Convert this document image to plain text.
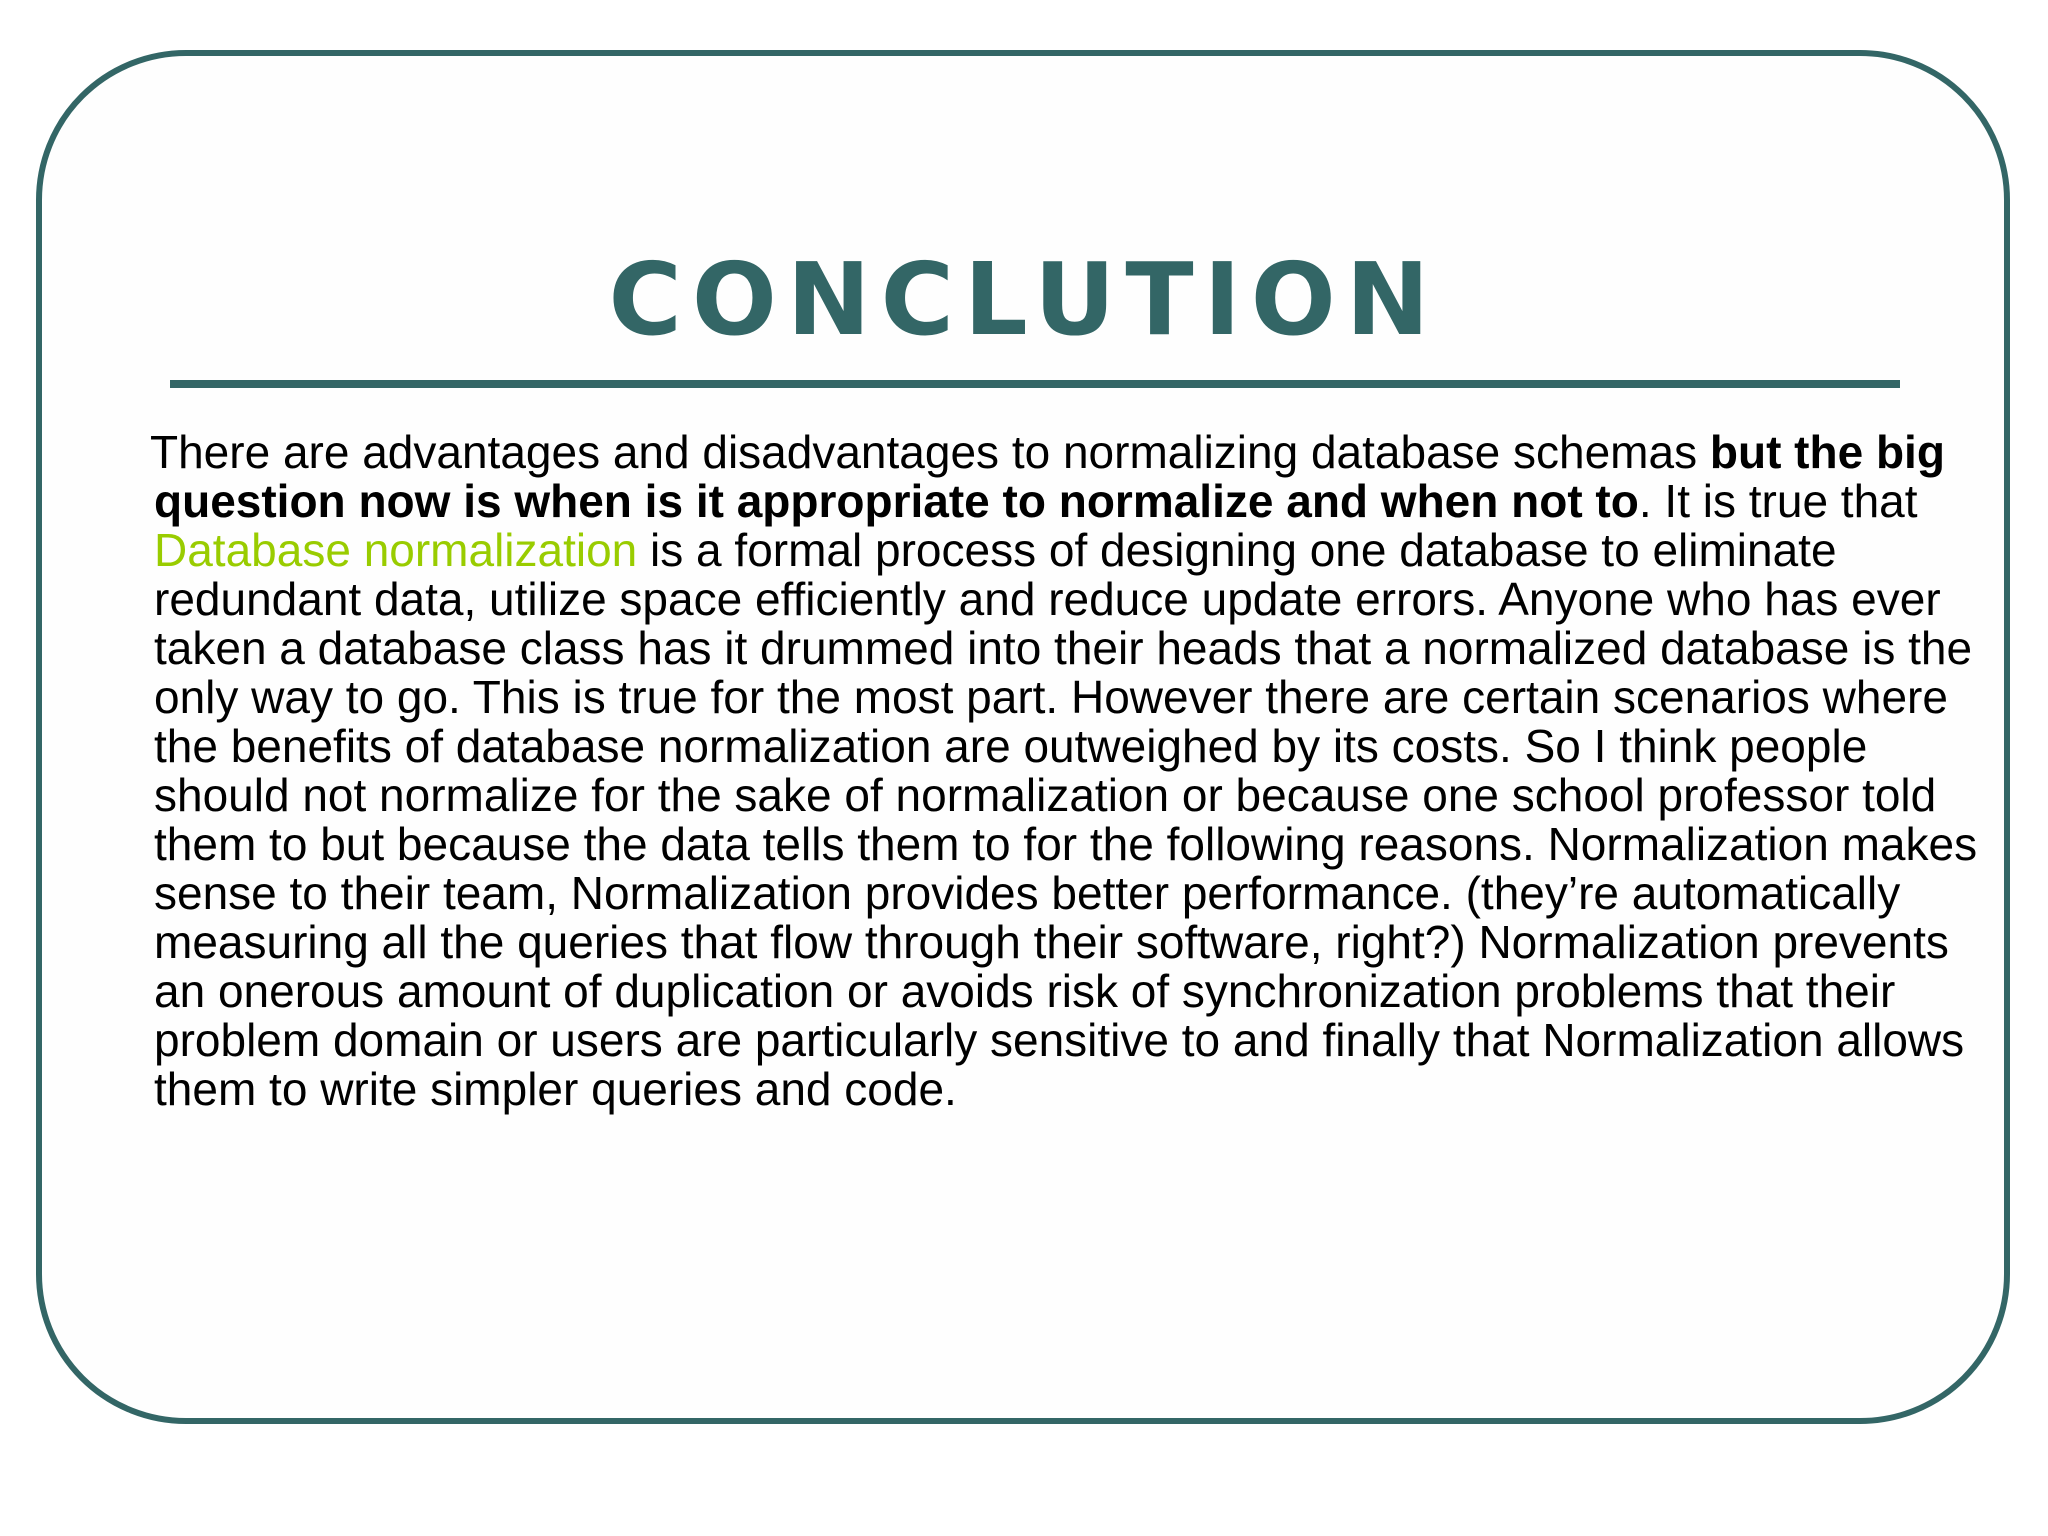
CONCLUTION

There are advantages and disadvantages to normalizing database schemas but the big question now is when is it appropriate to normalize and when not to. It is true that Database normalization is a formal process of designing one database to eliminate redundant data, utilize space efficiently and reduce update errors. Anyone who has ever taken a database class has it drummed into their heads that a normalized database is the only way to go. This is true for the most part. However there are certain scenarios where the benefits of database normalization are outweighed by its costs. So I think people should not normalize for the sake of normalization or because one school professor told them to but because the data tells them to for the following reasons. Normalization makes sense to their team, Normalization provides better performance. (they’re automatically measuring all the queries that flow through their software, right?) Normalization prevents an onerous amount of duplication or avoids risk of synchronization problems that their problem domain or users are particularly sensitive to and finally that Normalization allows them to write simpler queries and code.
